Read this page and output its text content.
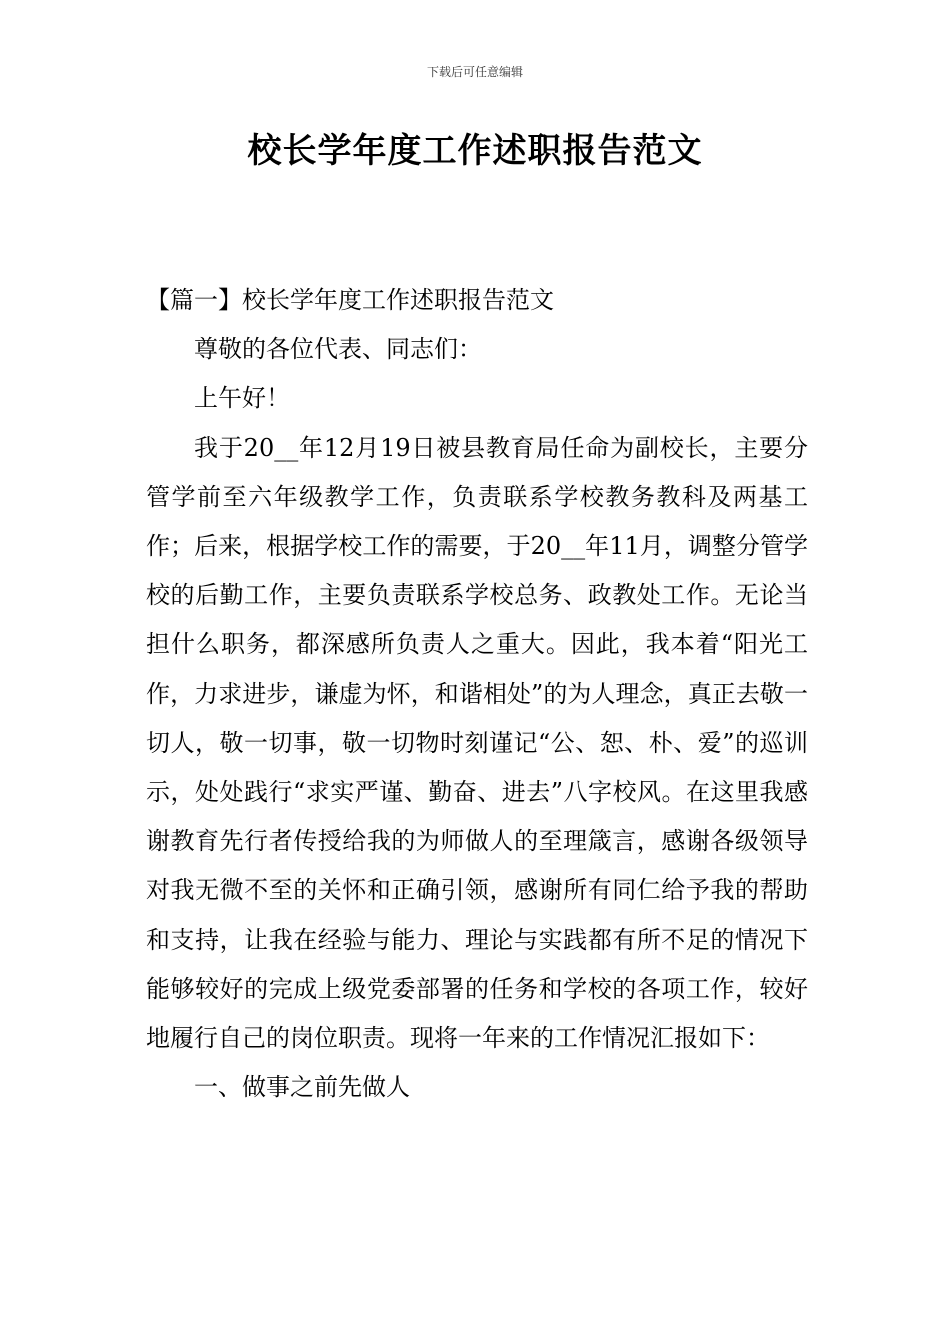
下载后可任意编辑
校长学年度工作述职报告范文

【篇一】校长学年度工作述职报告范文

尊敬的各位代表、同志们：

上午好！

我于20__年12月19日被县教育局任命为副校长，主要分管学前至六年级教学工作，负责联系学校教务教科及两基工作；后来，根据学校工作的需要，于20__年11月，调整分管学校的后勤工作，主要负责联系学校总务、政教处工作。无论当担什么职务，都深感所负责人之重大。因此，我本着“阳光工作，力求进步，谦虚为怀，和谐相处”的为人理念，真正去敬一切人，敬一切事，敬一切物时刻谨记“公、恕、朴、爱”的巡训示，处处践行“求实严谨、勤奋、进去”八字校风。在这里我感谢教育先行者传授给我的为师做人的至理箴言，感谢各级领导对我无微不至的关怀和正确引领，感谢所有同仁给予我的帮助和支持，让我在经验与能力、理论与实践都有所不足的情况下能够较好的完成上级党委部署的任务和学校的各项工作，较好地履行自己的岗位职责。现将一年来的工作情况汇报如下：

一、做事之前先做人
